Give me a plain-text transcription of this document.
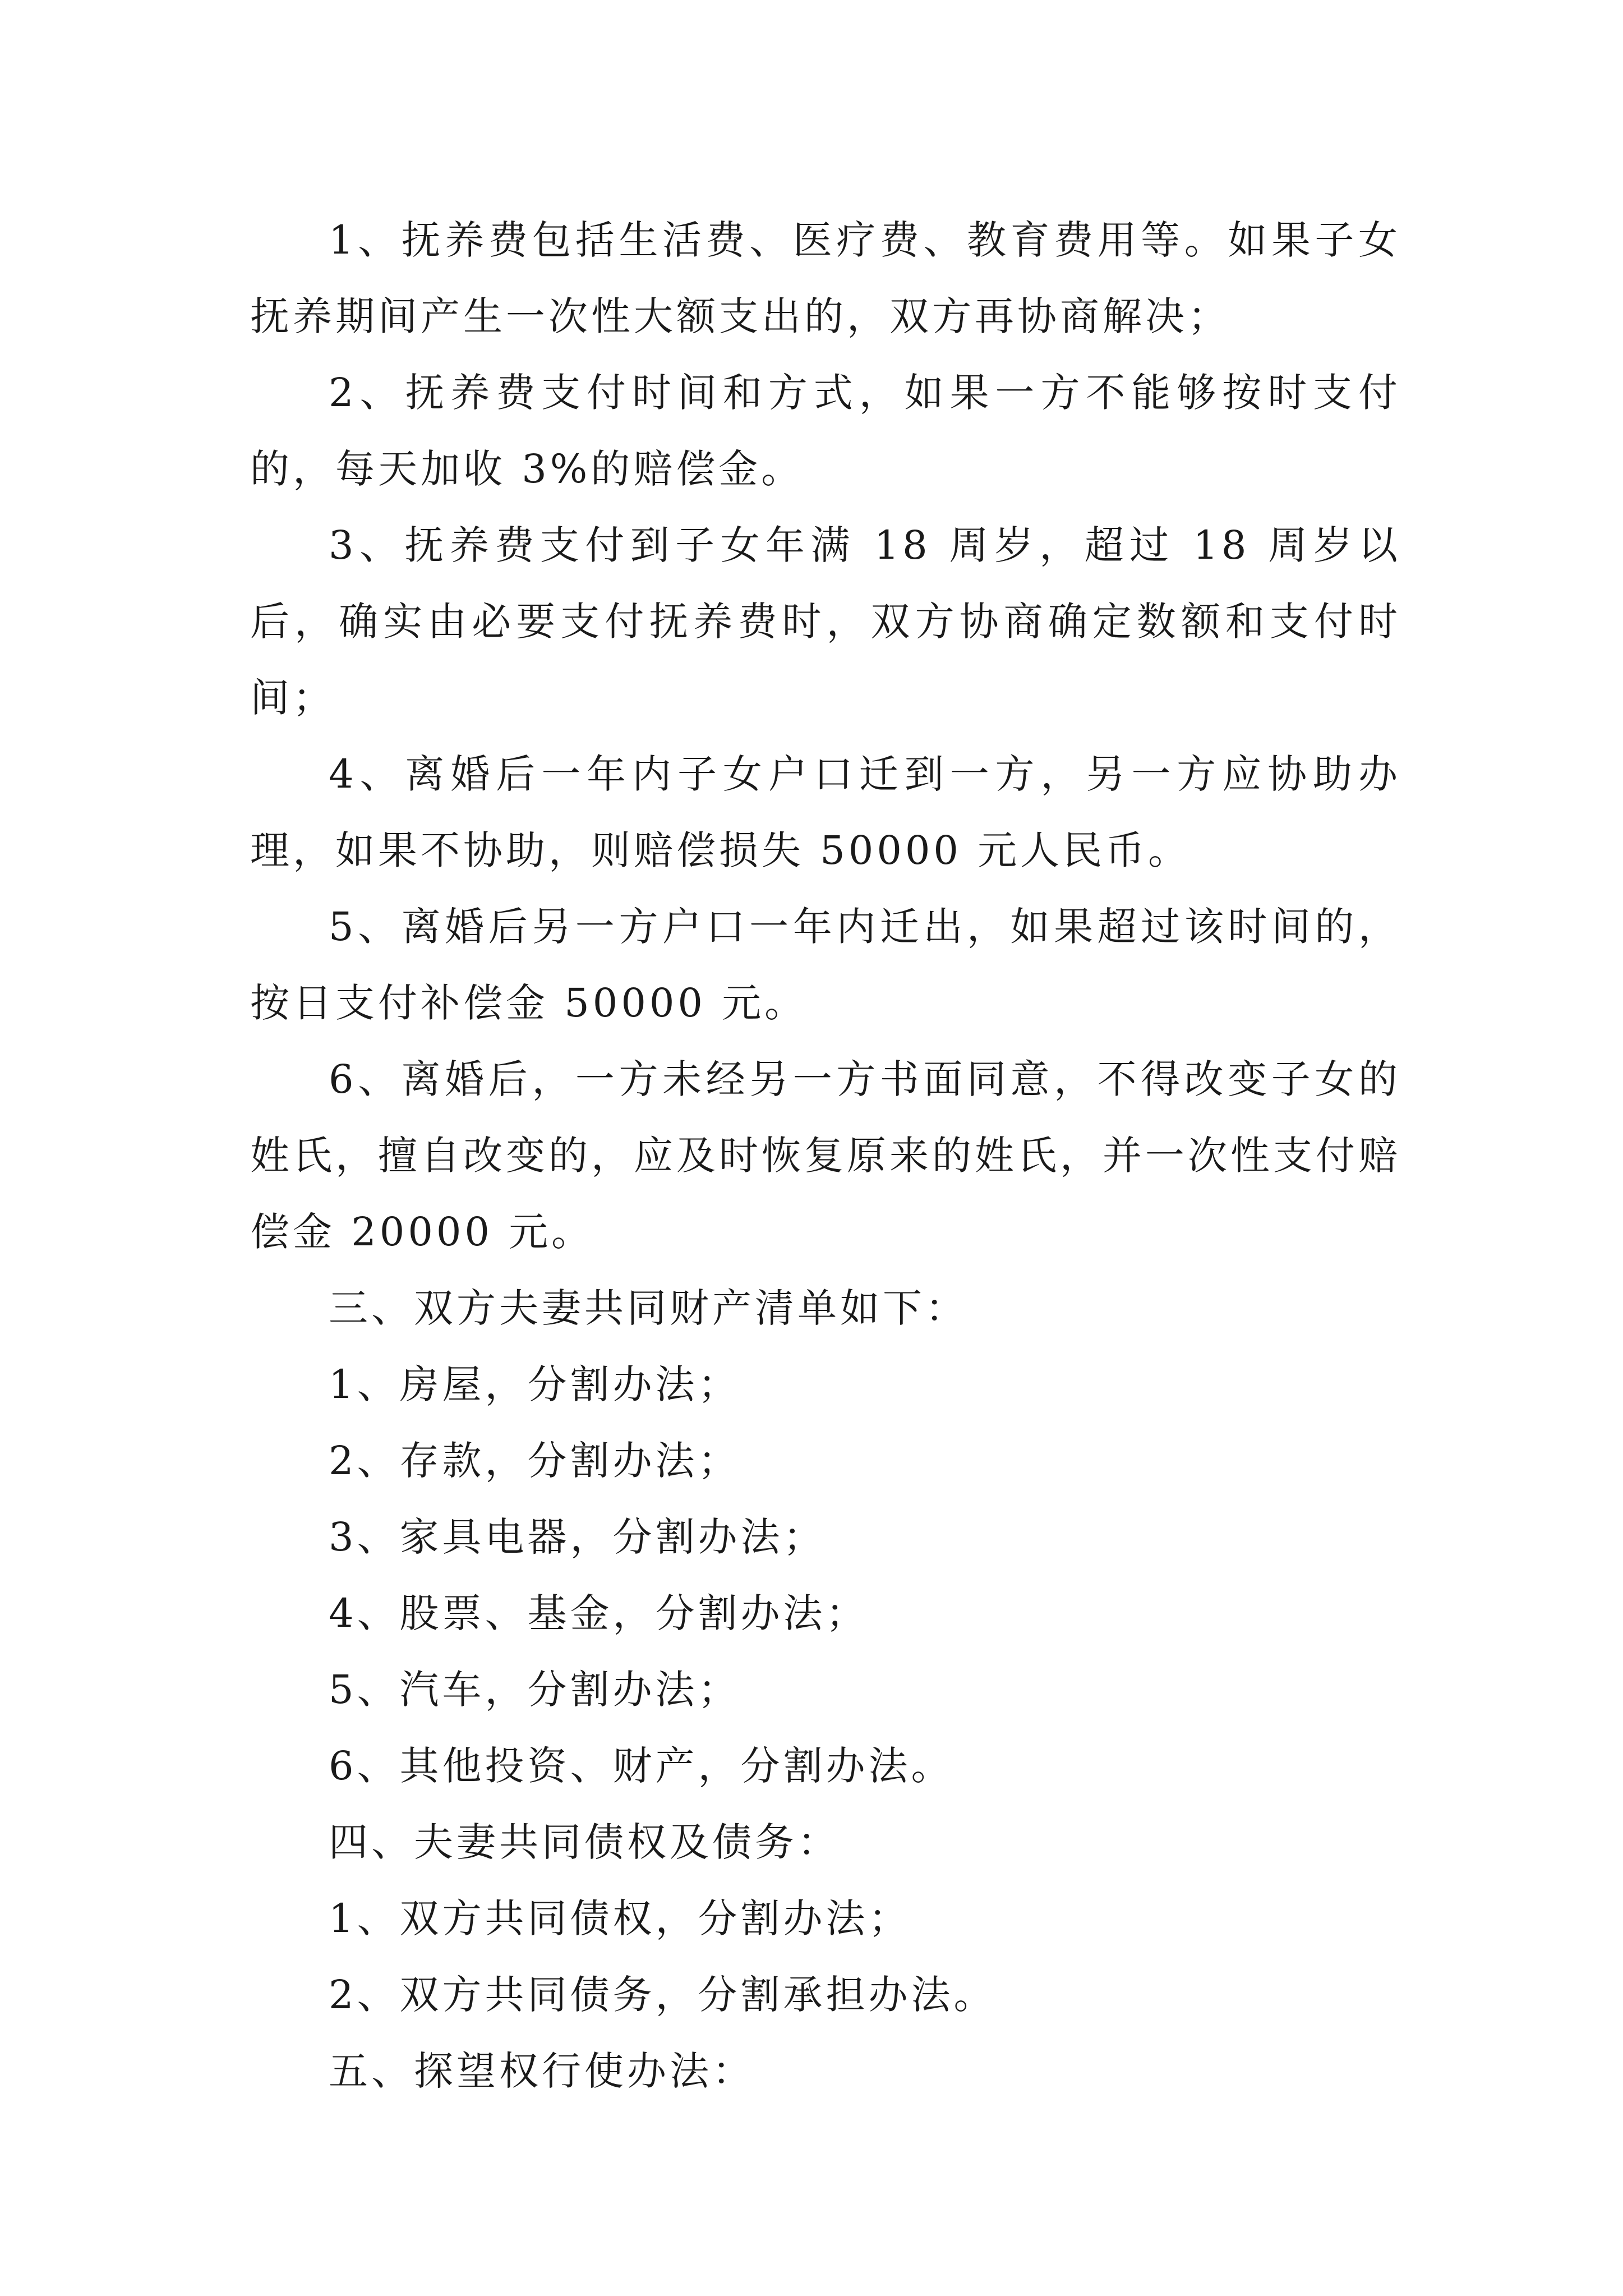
1、抚养费包括生活费、医疗费、教育费用等。如果子女抚养期间产生一次性大额支出的，双方再协商解决；

2、抚养费支付时间和方式，如果一方不能够按时支付的，每天加收 3%的赔偿金。

3、抚养费支付到子女年满 18 周岁，超过 18 周岁以后，确实由必要支付抚养费时，双方协商确定数额和支付时间；

4、离婚后一年内子女户口迁到一方，另一方应协助办理，如果不协助，则赔偿损失 50000 元人民币。

5、离婚后另一方户口一年内迁出，如果超过该时间的，按日支付补偿金 50000 元。

6、离婚后，一方未经另一方书面同意，不得改变子女的姓氏，擅自改变的，应及时恢复原来的姓氏，并一次性支付赔偿金 20000 元。

三、双方夫妻共同财产清单如下：

1、房屋，分割办法；

2、存款，分割办法；

3、家具电器，分割办法；

4、股票、基金，分割办法；

5、汽车，分割办法；

6、其他投资、财产，分割办法。

四、夫妻共同债权及债务：

1、双方共同债权，分割办法；

2、双方共同债务，分割承担办法。

五、探望权行使办法：
